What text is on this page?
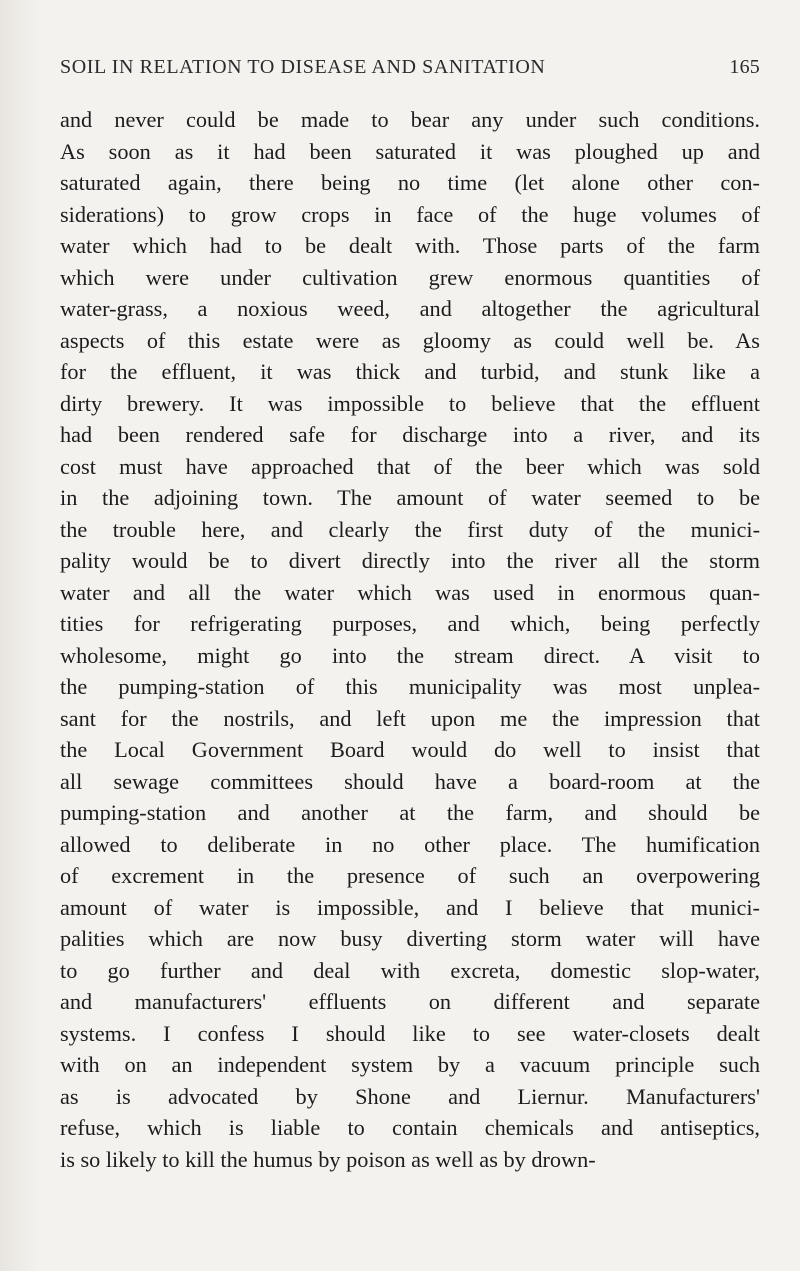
SOIL IN RELATION TO DISEASE AND SANITATION	165
and never could be made to bear any under such conditions.
As soon as it had been saturated it was ploughed up and
saturated again, there being no time (let alone other con-
siderations) to grow crops in face of the huge volumes of
water which had to be dealt with. Those parts of the farm
which were under cultivation grew enormous quantities of
water-grass, a noxious weed, and altogether the agricultural
aspects of this estate were as gloomy as could well be. As
for the effluent, it was thick and turbid, and stunk like a
dirty brewery. It was impossible to believe that the effluent
had been rendered safe for discharge into a river, and its
cost must have approached that of the beer which was sold
in the adjoining town. The amount of water seemed to be
the trouble here, and clearly the first duty of the munici-
pality would be to divert directly into the river all the storm
water and all the water which was used in enormous quan-
tities for refrigerating purposes, and which, being perfectly
wholesome, might go into the stream direct. A visit to
the pumping-station of this municipality was most unplea-
sant for the nostrils, and left upon me the impression that
the Local Government Board would do well to insist that
all sewage committees should have a board-room at the
pumping-station and another at the farm, and should be
allowed to deliberate in no other place. The humification
of excrement in the presence of such an overpowering
amount of water is impossible, and I believe that munici-
palities which are now busy diverting storm water will have
to go further and deal with excreta, domestic slop-water,
and manufacturers' effluents on different and separate
systems. I confess I should like to see water-closets dealt
with on an independent system by a vacuum principle such
as is advocated by Shone and Liernur. Manufacturers'
refuse, which is liable to contain chemicals and antiseptics,
is so likely to kill the humus by poison as well as by drown-
